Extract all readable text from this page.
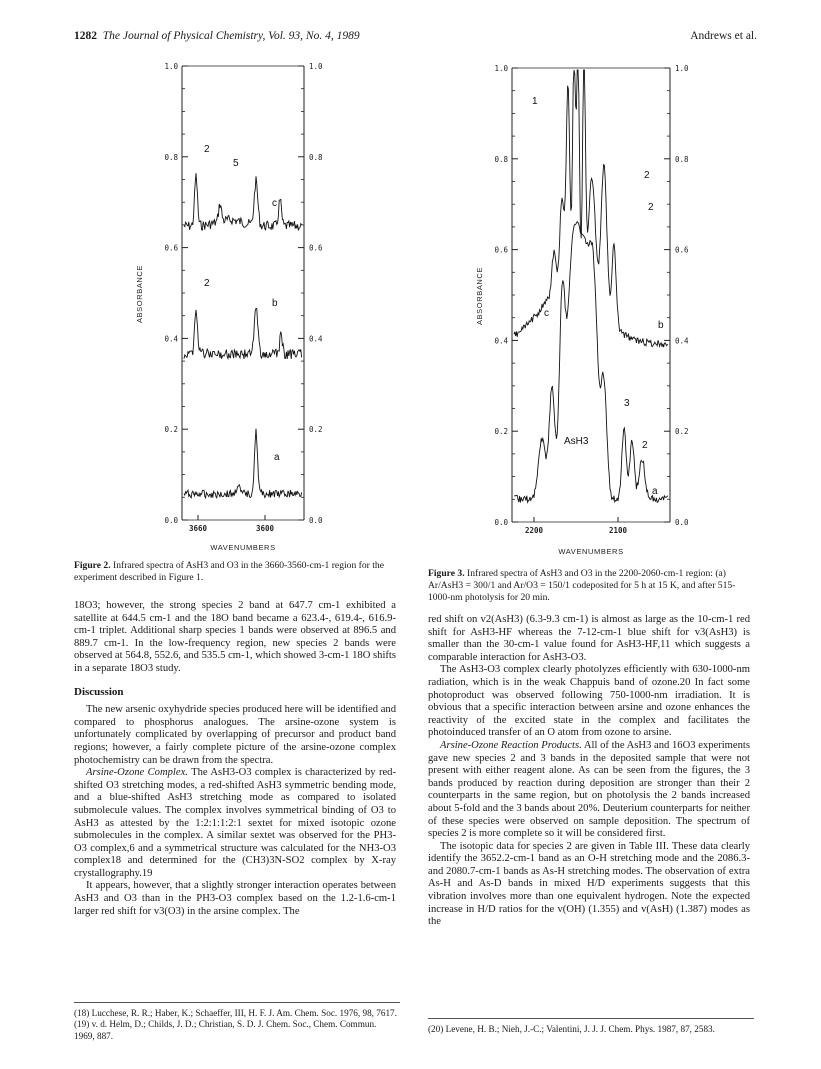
1282 The Journal of Physical Chemistry, Vol. 93, No. 4, 1989	Andrews et al.
1.0	1.0
0.8	0.8
0.6	0.6
0.4	0.4
0.2	0.2
0.0	0.0
3660	3600
2
5
c
2
b
a
ABSORBANCE
WAVENUMBERS
Figure 2. Infrared spectra of AsH3 and O3 in the 3660-3560-cm-1 region for the experiment described in Figure 1.
1.0	1.0
0.8	0.8
0.6	0.6
0.4	0.4
0.2	0.2
0.0	0.0
2200	2100
1
2
2
c
b
3
AsH3	2
a
ABSORBANCE
WAVENUMBERS
Figure 3. Infrared spectra of AsH3 and O3 in the 2200-2060-cm-1 region: (a) Ar/AsH3 = 300/1 and Ar/O3 = 150/1 codeposited for 5 h at 15 K, and after 515-1000-nm photolysis for 20 min.

18O3; however, the strong species 2 band at 647.7 cm-1 exhibited a satellite at 644.5 cm-1 and the 18O band became a 623.4-, 619.4-, 616.9-cm-1 triplet. Additional sharp species 1 bands were observed at 896.5 and 889.7 cm-1. In the low-frequency region, new species 2 bands were observed at 564.8, 552.6, and 535.5 cm-1, which showed 3-cm-1 18O shifts in a separate 18O3 study.

Discussion

The new arsenic oxyhydride species produced here will be identified and compared to phosphorus analogues. The arsine-ozone system is unfortunately complicated by overlapping of precursor and product band regions; however, a fairly complete picture of the arsine-ozone complex photochemistry can be drawn from the spectra.

Arsine-Ozone Complex. The AsH3-O3 complex is characterized by red-shifted O3 stretching modes, a red-shifted AsH3 symmetric bending mode, and a blue-shifted AsH3 stretching mode as compared to isolated submolecule values. The complex involves symmetrical binding of O3 to AsH3 as attested by the 1:2:1:1:2:1 sextet for mixed isotopic ozone submolecules in the complex. A similar sextet was observed for the PH3-O3 complex,6 and a symmetrical structure was calculated for the NH3-O3 complex18 and determined for the (CH3)3N-SO2 complex by X-ray crystallography.19

It appears, however, that a slightly stronger interaction operates between AsH3 and O3 than in the PH3-O3 complex based on the 1.2-1.6-cm-1 larger red shift for v3(O3) in the arsine complex. The

(18) Lucchese, R. R.; Haber, K.; Schaeffer, III, H. F. J. Am. Chem. Soc. 1976, 98, 7617.
(19) v. d. Helm, D.; Childs, J. D.; Christian, S. D. J. Chem. Soc., Chem. Commun. 1969, 887.

red shift on v2(AsH3) (6.3-9.3 cm-1) is almost as large as the 10-cm-1 red shift for AsH3-HF whereas the 7-12-cm-1 blue shift for v3(AsH3) is smaller than the 30-cm-1 value found for AsH3-HF,11 which suggests a comparable interaction for AsH3-O3.

The AsH3-O3 complex clearly photolyzes efficiently with 630-1000-nm radiation, which is in the weak Chappuis band of ozone.20 In fact some photoproduct was observed following 750-1000-nm irradiation. It is obvious that a specific interaction between arsine and ozone enhances the reactivity of the excited state in the complex and facilitates the photoinduced transfer of an O atom from ozone to arsine.

Arsine-Ozone Reaction Products. All of the AsH3 and 16O3 experiments gave new species 2 and 3 bands in the deposited sample that were not present with either reagent alone. As can be seen from the figures, the 3 bands produced by reaction during deposition are stronger than their 2 counterparts in the same region, but on photolysis the 2 bands increased about 5-fold and the 3 bands about 20%. Deuterium counterparts for neither of these species were observed on sample deposition. The spectrum of species 2 is more complete so it will be considered first.

The isotopic data for species 2 are given in Table III. These data clearly identify the 3652.2-cm-1 band as an O-H stretching mode and the 2086.3- and 2080.7-cm-1 bands as As-H stretching modes. The observation of extra As-H and As-D bands in mixed H/D experiments suggests that this vibration involves more than one equivalent hydrogen. Note the expected increase in H/D ratios for the v(OH) (1.355) and v(AsH) (1.387) modes as the

(20) Levene, H. B.; Nieh, J.-C.; Valentini, J. J. J. Chem. Phys. 1987, 87, 2583.
